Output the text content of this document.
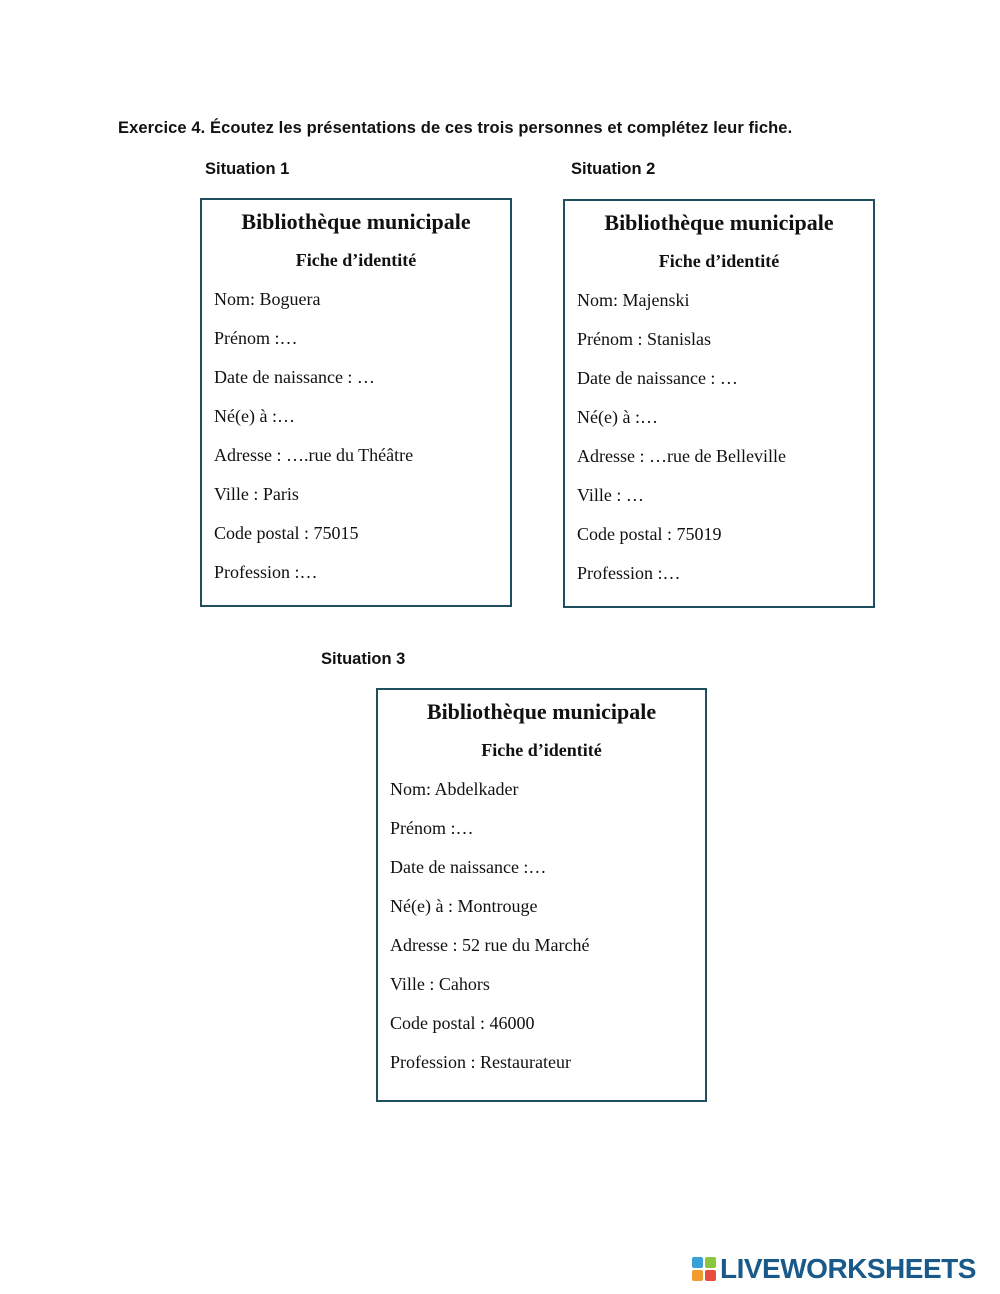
Exercice 4. Écoutez les présentations de ces trois personnes et complétez leur fiche.
Situation 1
Bibliothèque municipale
Fiche d’identité
Nom: Boguera
Prénom :…
Date de naissance : …
Né(e) à :…
Adresse : ….rue du Théâtre
Ville : Paris
Code postal : 75015
Profession :…
Situation 2
Bibliothèque municipale
Fiche d’identité
Nom: Majenski
Prénom : Stanislas
Date de naissance : …
Né(e) à :…
Adresse : …rue de Belleville
Ville : …
Code postal : 75019
Profession :…
Situation 3
Bibliothèque municipale
Fiche d’identité
Nom: Abdelkader
Prénom :…
Date de naissance :…
Né(e) à : Montrouge
Adresse : 52 rue du Marché
Ville : Cahors
Code postal : 46000
Profession : Restaurateur
LIVEWORKSHEETS
